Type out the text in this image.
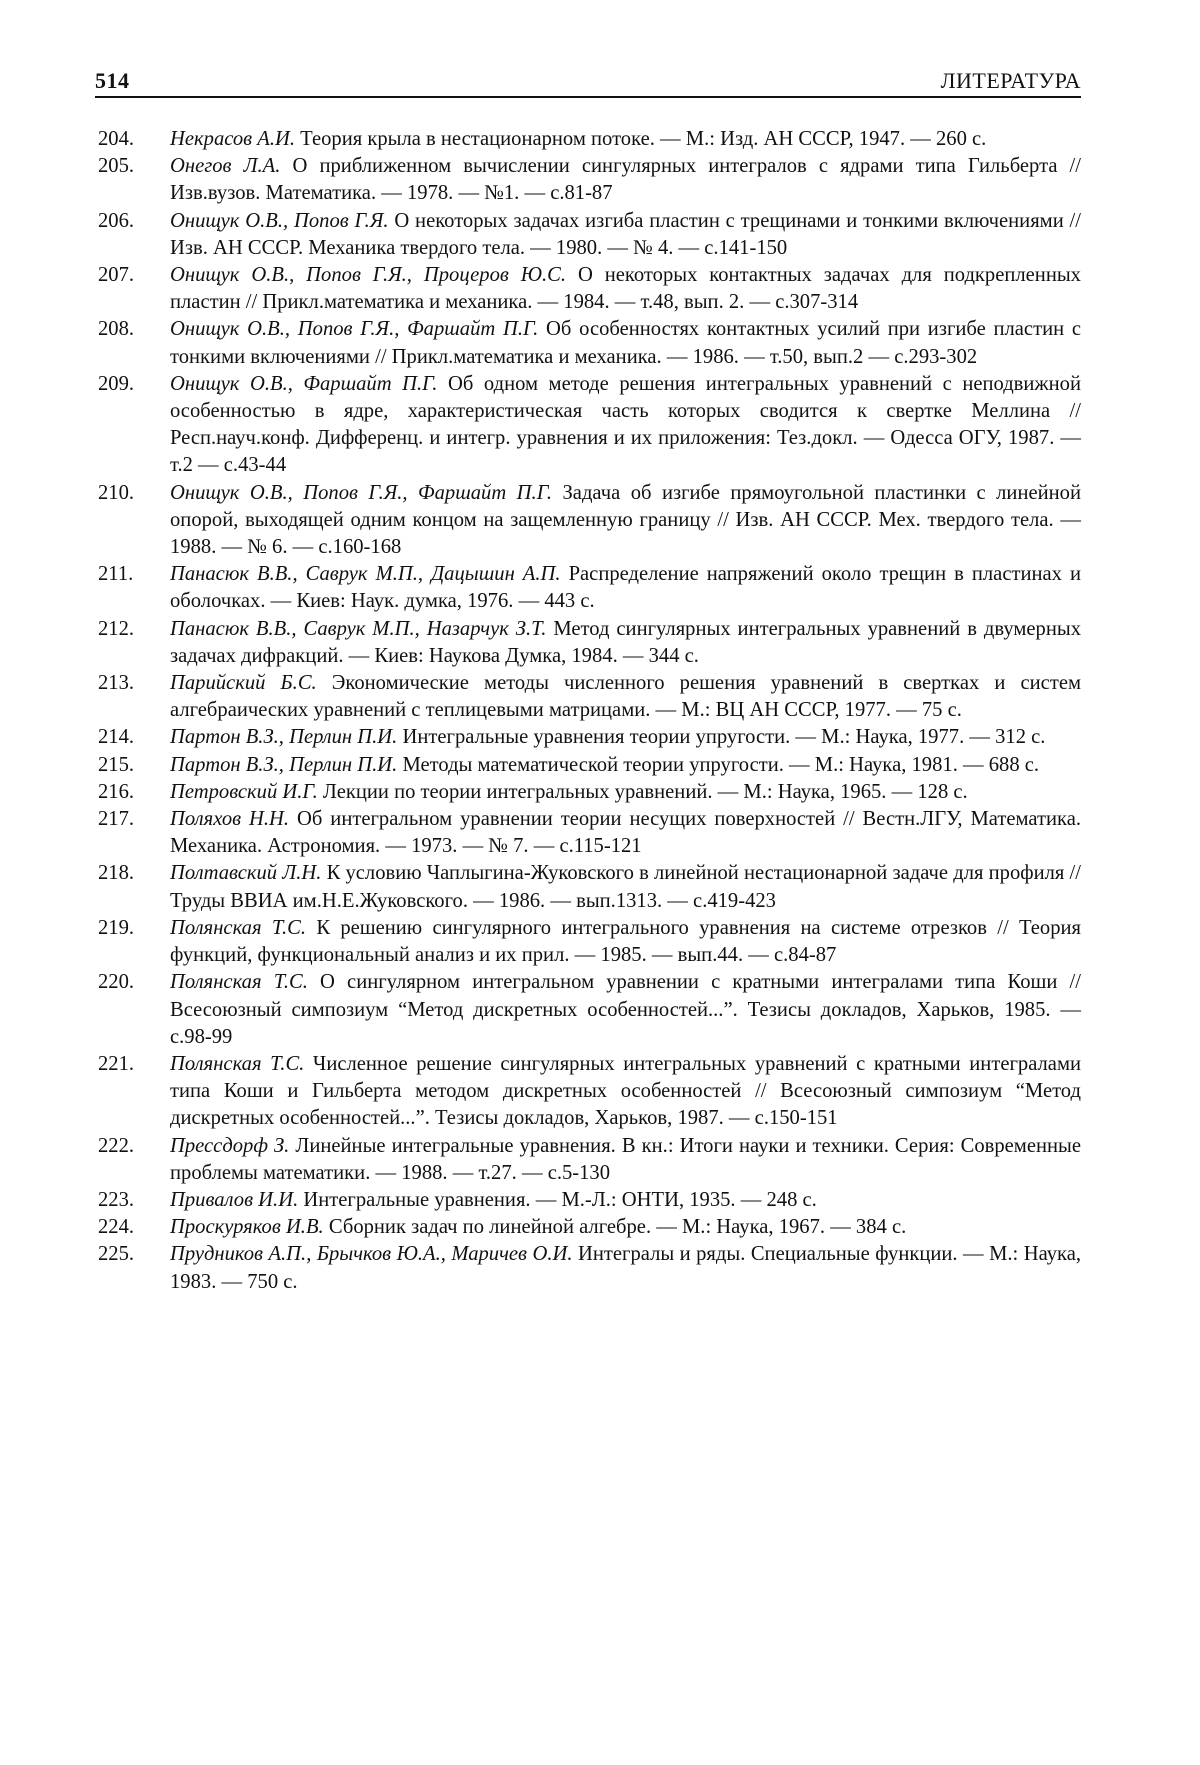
514	ЛИТЕРАТУРА
204.	Некрасов А.И. Теория крыла в нестационарном потоке. — М.: Изд. АН СССР, 1947. — 260 с.
205.	Онегов Л.А. О приближенном вычислении сингулярных интегралов с ядрами типа Гильберта // Изв.вузов. Математика. — 1978. — №1. — с.81-87
206.	Онищук О.В., Попов Г.Я. О некоторых задачах изгиба пластин с трещинами и тонкими включениями // Изв. АН СССР. Механика твердого тела. — 1980. — № 4. — с.141-150
207.	Онищук О.В., Попов Г.Я., Процеров Ю.С. О некоторых контактных задачах для подкрепленных пластин // Прикл.математика и механика. — 1984. — т.48, вып. 2. — с.307-314
208.	Онищук О.В., Попов Г.Я., Фаршайт П.Г. Об особенностях контактных усилий при изгибе пластин с тонкими включениями // Прикл.математика и механика. — 1986. — т.50, вып.2 — с.293-302
209.	Онищук О.В., Фаршайт П.Г. Об одном методе решения интегральных уравнений с неподвижной особенностью в ядре, характеристическая часть которых сводится к свертке Меллина // Респ.науч.конф. Дифференц. и интегр. уравнения и их приложения: Тез.докл. — Одесса ОГУ, 1987. — т.2 — с.43-44
210.	Онищук О.В., Попов Г.Я., Фаршайт П.Г. Задача об изгибе прямоугольной пластинки с линейной опорой, выходящей одним концом на защемленную границу // Изв. АН СССР. Мех. твердого тела. — 1988. — № 6. — с.160-168
211.	Панасюк В.В., Саврук М.П., Дацышин А.П. Распределение напряжений около трещин в пластинах и оболочках. — Киев: Наук. думка, 1976. — 443 с.
212.	Панасюк В.В., Саврук М.П., Назарчук З.Т. Метод сингулярных интегральных уравнений в двумерных задачах дифракций. — Киев: Наукова Думка, 1984. — 344 с.
213.	Парийский Б.С. Экономические методы численного решения уравнений в свертках и систем алгебраических уравнений с теплицевыми матрицами. — М.: ВЦ АН СССР, 1977. — 75 с.
214.	Партон В.З., Перлин П.И. Интегральные уравнения теории упругости. — М.: Наука, 1977. — 312 с.
215.	Партон В.З., Перлин П.И. Методы математической теории упругости. — М.: Наука, 1981. — 688 с.
216.	Петровский И.Г. Лекции по теории интегральных уравнений. — М.: Наука, 1965. — 128 с.
217.	Поляхов Н.Н. Об интегральном уравнении теории несущих поверхностей // Вестн.ЛГУ, Математика. Механика. Астрономия. — 1973. — № 7. — с.115-121
218.	Полтавский Л.Н. К условию Чаплыгина-Жуковского в линейной нестационарной задаче для профиля // Труды ВВИА им.Н.Е.Жуковского. — 1986. — вып.1313. — с.419-423
219.	Полянская Т.С. К решению сингулярного интегрального уравнения на системе отрезков // Теория функций, функциональный анализ и их прил. — 1985. — вып.44. — с.84-87
220.	Полянская Т.С. О сингулярном интегральном уравнении с кратными интегралами типа Коши // Всесоюзный симпозиум “Метод дискретных особенностей...”. Тезисы докладов, Харьков, 1985. — с.98-99
221.	Полянская Т.С. Численное решение сингулярных интегральных уравнений с кратными интегралами типа Коши и Гильберта методом дискретных особенностей // Всесоюзный симпозиум “Метод дискретных особенностей...”. Тезисы докладов, Харьков, 1987. — с.150-151
222.	Прессдорф З. Линейные интегральные уравнения. В кн.: Итоги науки и техники. Серия: Современные проблемы математики. — 1988. — т.27. — с.5-130
223.	Привалов И.И. Интегральные уравнения. — М.-Л.: ОНТИ, 1935. — 248 с.
224.	Проскуряков И.В. Сборник задач по линейной алгебре. — М.: Наука, 1967. — 384 с.
225.	Прудников А.П., Брычков Ю.А., Маричев О.И. Интегралы и ряды. Специальные функции. — М.: Наука, 1983. — 750 с.
